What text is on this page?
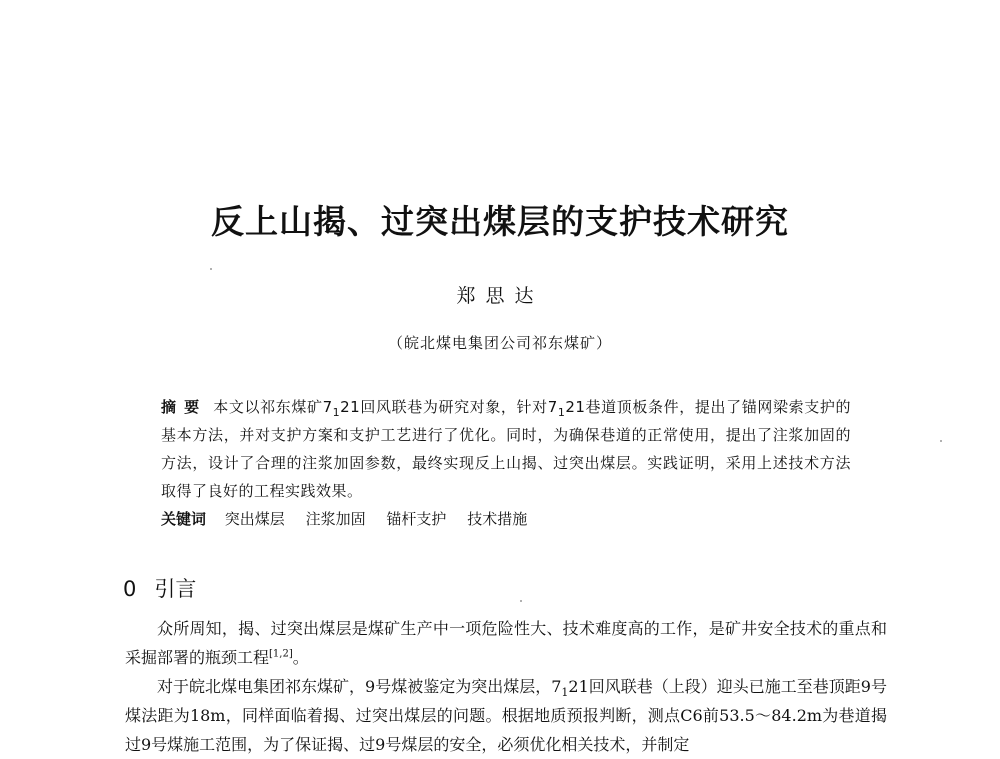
反上山揭、过突出煤层的支护技术研究
郑思达
（皖北煤电集团公司祁东煤矿）
摘要 本文以祁东煤矿$7_121$回风联巷为研究对象，针对$7_121$巷道顶板条件，提出了锚网梁索支护的基本方法，并对支护方案和支护工艺进行了优化。同时，为确保巷道的正常使用，提出了注浆加固的方法，设计了合理的注浆加固参数，最终实现反上山揭、过突出煤层。实践证明，采用上述技术方法取得了良好的工程实践效果。
关键词 突出煤层 注浆加固 锚杆支护 技术措施
0 引言

众所周知，揭、过突出煤层是煤矿生产中一项危险性大、技术难度高的工作，是矿井安全技术的重点和采掘部署的瓶颈工程[1,2]。

对于皖北煤电集团祁东煤矿，9号煤被鉴定为突出煤层，$7_121$回风联巷（上段）迎头已施工至巷顶距9号煤法距为18m，同样面临着揭、过突出煤层的问题。根据地质预报判断，测点C6前53.5～84.2m为巷道揭过9号煤施工范围，为了保证揭、过9号煤层的安全，必须优化相关技术，并制定
